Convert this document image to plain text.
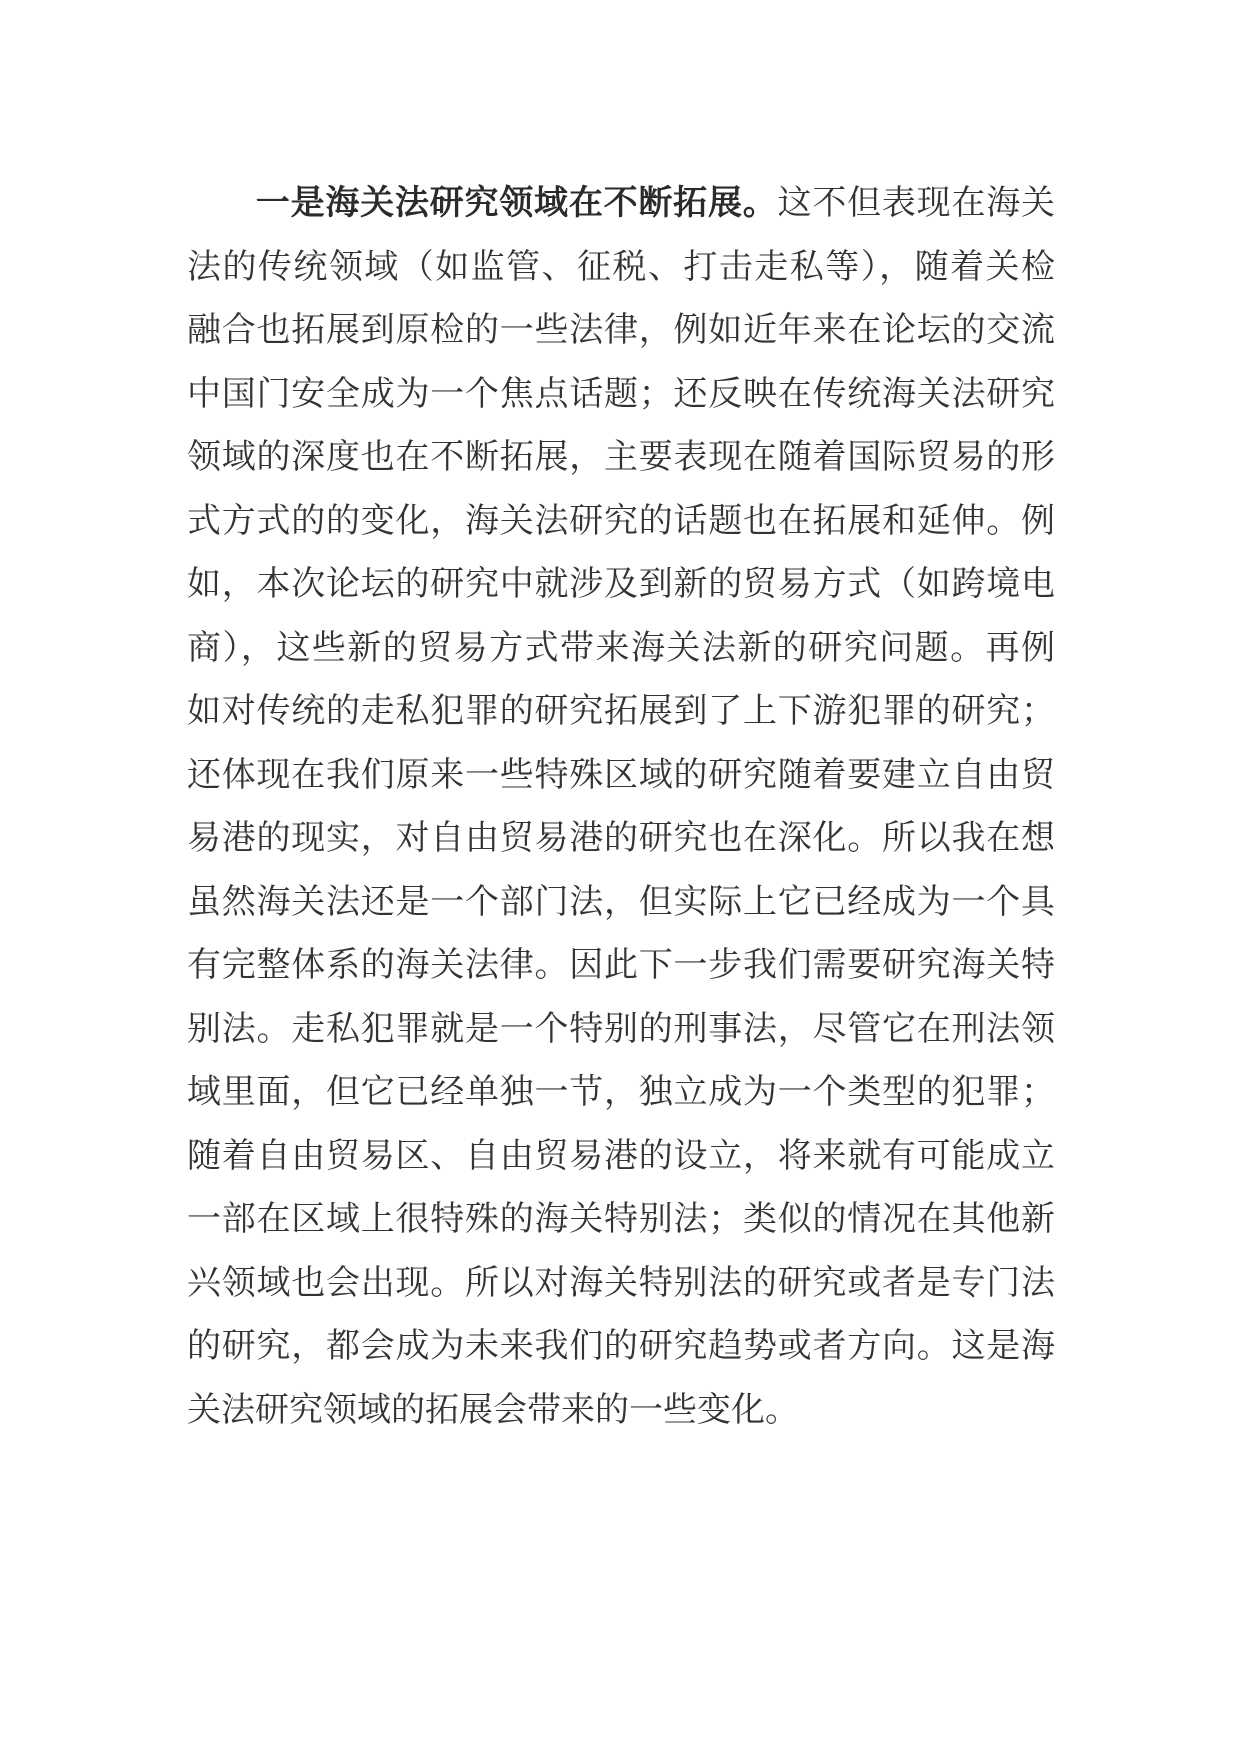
一是海关法研究领域在不断拓展。这不但表现在海关
法的传统领域（如监管、征税、打击走私等），随着关检
融合也拓展到原检的一些法律，例如近年来在论坛的交流
中国门安全成为一个焦点话题；还反映在传统海关法研究
领域的深度也在不断拓展，主要表现在随着国际贸易的形
式方式的的变化，海关法研究的话题也在拓展和延伸。例
如，本次论坛的研究中就涉及到新的贸易方式（如跨境电
商），这些新的贸易方式带来海关法新的研究问题。再例
如对传统的走私犯罪的研究拓展到了上下游犯罪的研究；
还体现在我们原来一些特殊区域的研究随着要建立自由贸
易港的现实，对自由贸易港的研究也在深化。所以我在想
虽然海关法还是一个部门法，但实际上它已经成为一个具
有完整体系的海关法律。因此下一步我们需要研究海关特
别法。走私犯罪就是一个特别的刑事法，尽管它在刑法领
域里面，但它已经单独一节，独立成为一个类型的犯罪；
随着自由贸易区、自由贸易港的设立，将来就有可能成立
一部在区域上很特殊的海关特别法；类似的情况在其他新
兴领域也会出现。所以对海关特别法的研究或者是专门法
的研究，都会成为未来我们的研究趋势或者方向。这是海
关法研究领域的拓展会带来的一些变化。
